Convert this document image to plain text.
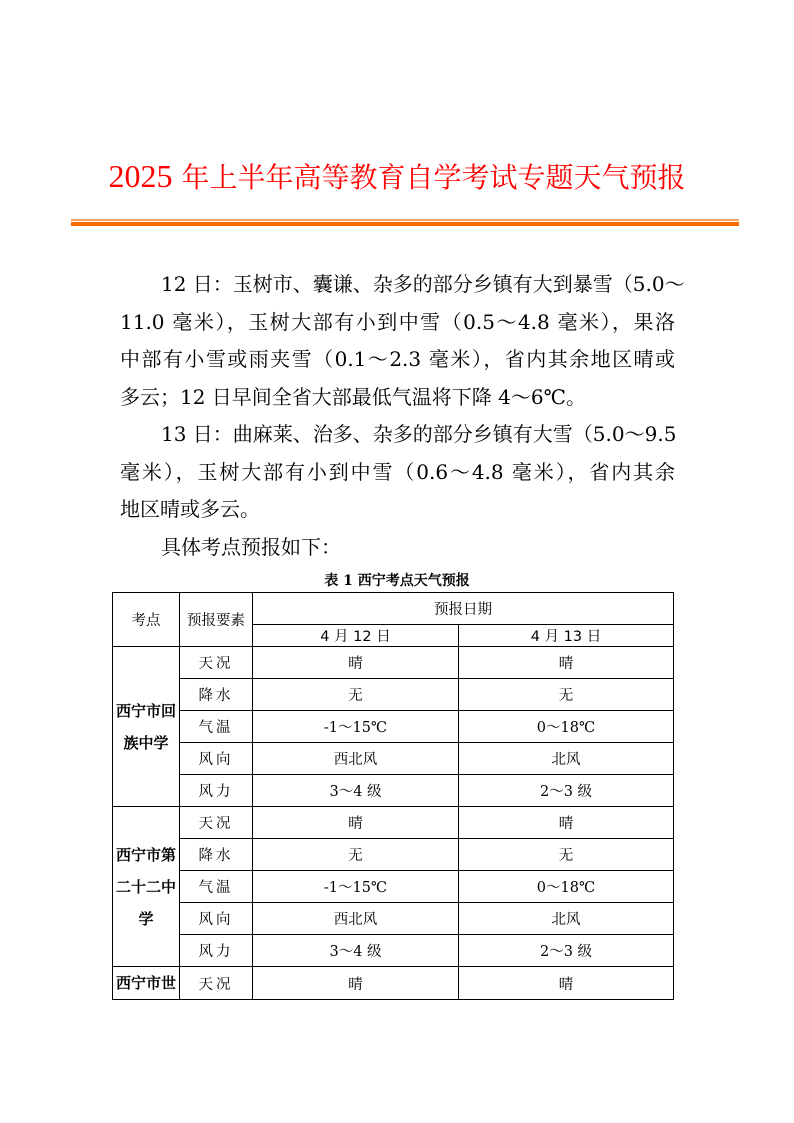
2025 年上半年高等教育自学考试专题天气预报
12 日：玉树市、囊谦、杂多的部分乡镇有大到暴雪（5.0～
11.0 毫米），玉树大部有小到中雪（0.5～4.8 毫米），果洛
中部有小雪或雨夹雪（0.1～2.3 毫米），省内其余地区晴或
多云；12 日早间全省大部最低气温将下降 4～6℃。
13 日：曲麻莱、治多、杂多的部分乡镇有大雪（5.0～9.5
毫米），玉树大部有小到中雪（0.6～4.8 毫米），省内其余
地区晴或多云。
具体考点预报如下：
表 1 西宁考点天气预报
考点	预报要素	预报日期	
		4 月 12 日	4 月 13 日
西宁市回族中学	天况	晴	晴
	降水	无	无
	气温	-1～15℃	0～18℃
	风向	西北风	北风
	风力	3～4 级	2～3 级
西宁市第二十二中学	天况	晴	晴
	降水	无	无
	气温	-1～15℃	0～18℃
	风向	西北风	北风
	风力	3～4 级	2～3 级
西宁市世	天况	晴	晴
